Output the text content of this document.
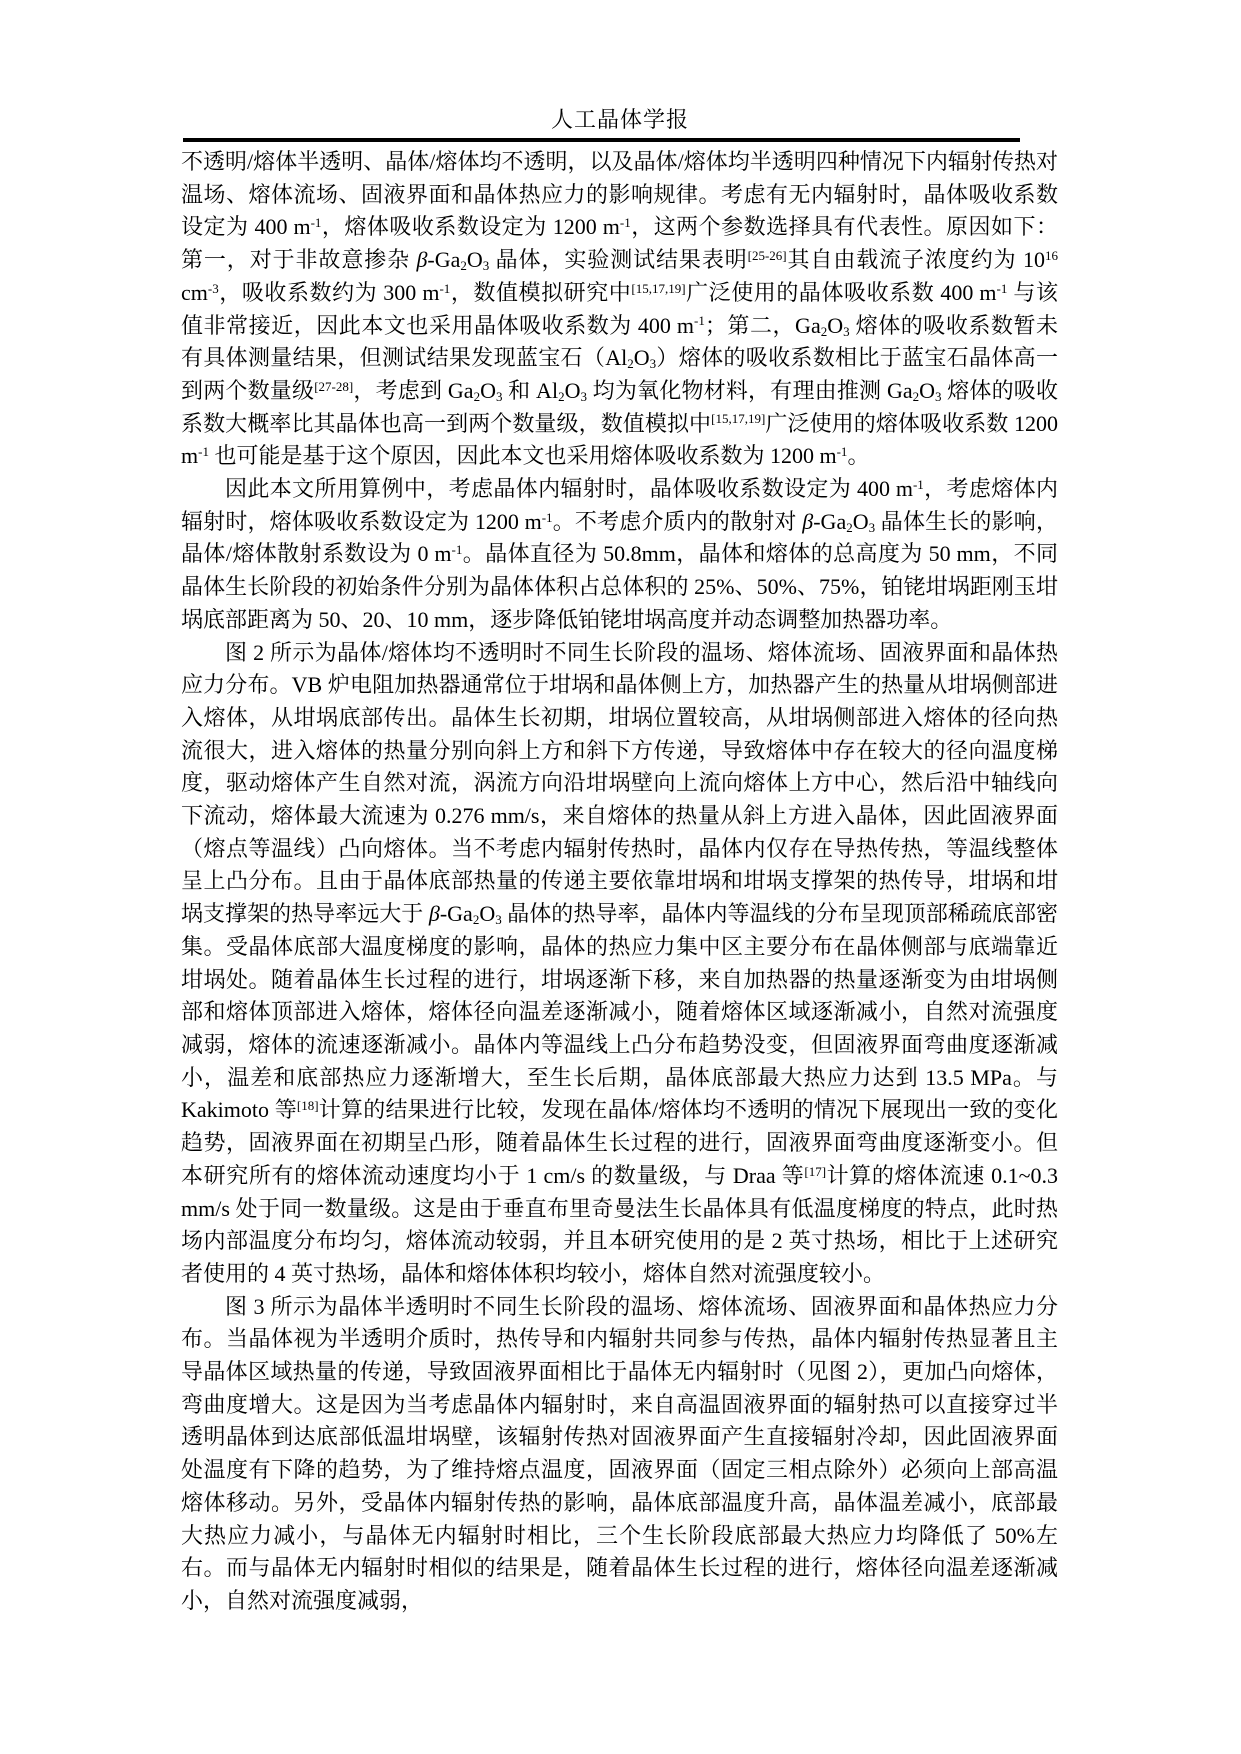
人工晶体学报

不透明/熔体半透明、晶体/熔体均不透明，以及晶体/熔体均半透明四种情况下内辐射传热对温场、熔体流场、固液界面和晶体热应力的影响规律。考虑有无内辐射时，晶体吸收系数设定为 400 $m^{-1}$，熔体吸收系数设定为 1200 $m^{-1}$，这两个参数选择具有代表性。原因如下：第一，对于非故意掺杂 $\beta-Ga_2O_3$ 晶体，实验测试结果表明[25-26]其自由载流子浓度约为 $10^{16}$ $cm^{-3}$，吸收系数约为 300 $m^{-1}$，数值模拟研究中[15,17,19]广泛使用的晶体吸收系数 400 $m^{-1}$ 与该值非常接近，因此本文也采用晶体吸收系数为 400 $m^{-1}$；第二，$Ga_2O_3$ 熔体的吸收系数暂未有具体测量结果，但测试结果发现蓝宝石$(Al_2O_3)$熔体的吸收系数相比于蓝宝石晶体高一到两个数量级[27-28]，考虑到 $Ga_2O_3$ 和 $Al_2O_3$ 均为氧化物材料，有理由推测 $Ga_2O_3$ 熔体的吸收系数大概率比其晶体也高一到两个数量级，数值模拟中[15,17,19]广泛使用的熔体吸收系数 1200 $m^{-1}$ 也可能是基于这个原因，因此本文也采用熔体吸收系数为 1200 $m^{-1}$。

因此本文所用算例中，考虑晶体内辐射时，晶体吸收系数设定为 400 $m^{-1}$，考虑熔体内辐射时，熔体吸收系数设定为 1200 $m^{-1}$。不考虑介质内的散射对 $\beta-Ga_2O_3$ 晶体生长的影响，晶体/熔体散射系数设为 0 $m^{-1}$。晶体直径为 50.8mm，晶体和熔体的总高度为 50 mm，不同晶体生长阶段的初始条件分别为晶体体积占总体积的 25%、50%、75%，铂铑坩埚距刚玉坩埚底部距离为 50、20、10 mm，逐步降低铂铑坩埚高度并动态调整加热器功率。

图 2 所示为晶体/熔体均不透明时不同生长阶段的温场、熔体流场、固液界面和晶体热应力分布。VB 炉电阻加热器通常位于坩埚和晶体侧上方，加热器产生的热量从坩埚侧部进入熔体，从坩埚底部传出。晶体生长初期，坩埚位置较高，从坩埚侧部进入熔体的径向热流很大，进入熔体的热量分别向斜上方和斜下方传递，导致熔体中存在较大的径向温度梯度，驱动熔体产生自然对流，涡流方向沿坩埚壁向上流向熔体上方中心，然后沿中轴线向下流动，熔体最大流速为 0.276 mm/s，来自熔体的热量从斜上方进入晶体，因此固液界面（熔点等温线）凸向熔体。当不考虑内辐射传热时，晶体内仅存在导热传热，等温线整体呈上凸分布。且由于晶体底部热量的传递主要依靠坩埚和坩埚支撑架的热传导，坩埚和坩埚支撑架的热导率远大于 $\beta-Ga_2O_3$ 晶体的热导率，晶体内等温线的分布呈现顶部稀疏底部密集。受晶体底部大温度梯度的影响，晶体的热应力集中区主要分布在晶体侧部与底端靠近坩埚处。随着晶体生长过程的进行，坩埚逐渐下移，来自加热器的热量逐渐变为由坩埚侧部和熔体顶部进入熔体，熔体径向温差逐渐减小，随着熔体区域逐渐减小，自然对流强度减弱，熔体的流速逐渐减小。晶体内等温线上凸分布趋势没变，但固液界面弯曲度逐渐减小，温差和底部热应力逐渐增大，至生长后期，晶体底部最大热应力达到 13.5 MPa。与 Kakimoto 等[18]计算的结果进行比较，发现在晶体/熔体均不透明的情况下展现出一致的变化趋势，固液界面在初期呈凸形，随着晶体生长过程的进行，固液界面弯曲度逐渐变小。但本研究所有的熔体流动速度均小于 1 cm/s 的数量级，与 Draa 等[17]计算的熔体流速 0.1~0.3 mm/s 处于同一数量级。这是由于垂直布里奇曼法生长晶体具有低温度梯度的特点，此时热场内部温度分布均匀，熔体流动较弱，并且本研究使用的是 2 英寸热场，相比于上述研究者使用的 4 英寸热场，晶体和熔体体积均较小，熔体自然对流强度较小。

图 3 所示为晶体半透明时不同生长阶段的温场、熔体流场、固液界面和晶体热应力分布。当晶体视为半透明介质时，热传导和内辐射共同参与传热，晶体内辐射传热显著且主导晶体区域热量的传递，导致固液界面相比于晶体无内辐射时（见图 2），更加凸向熔体，弯曲度增大。这是因为当考虑晶体内辐射时，来自高温固液界面的辐射热可以直接穿过半透明晶体到达底部低温坩埚壁，该辐射传热对固液界面产生直接辐射冷却，因此固液界面处温度有下降的趋势，为了维持熔点温度，固液界面（固定三相点除外）必须向上部高温熔体移动。另外，受晶体内辐射传热的影响，晶体底部温度升高，晶体温差减小，底部最大热应力减小，与晶体无内辐射时相比，三个生长阶段底部最大热应力均降低了 50%左右。而与晶体无内辐射时相似的结果是，随着晶体生长过程的进行，熔体径向温差逐渐减小，自然对流强度减弱，
